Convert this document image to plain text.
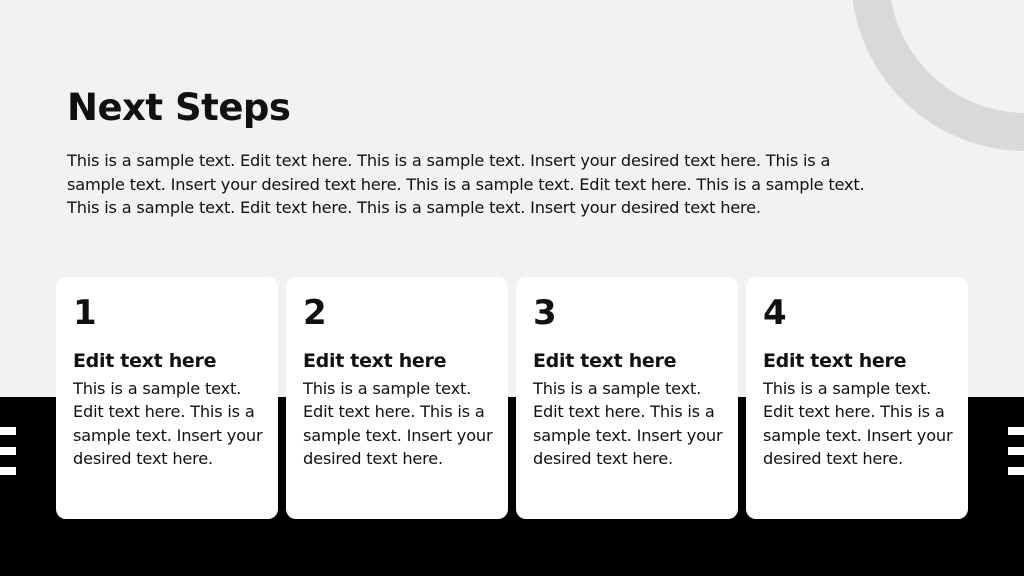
Next Steps

This is a sample text. Edit text here. This is a sample text. Insert your desired text here. This is a sample text. Insert your desired text here. This is a sample text. Edit text here. This is a sample text. This is a sample text. Edit text here. This is a sample text. Insert your desired text here.

1
Edit text here
This is a sample text. Edit text here. This is a sample text. Insert your desired text here.
2
Edit text here
This is a sample text. Edit text here. This is a sample text. Insert your desired text here.
3
Edit text here
This is a sample text. Edit text here. This is a sample text. Insert your desired text here.
4
Edit text here
This is a sample text. Edit text here. This is a sample text. Insert your desired text here.
